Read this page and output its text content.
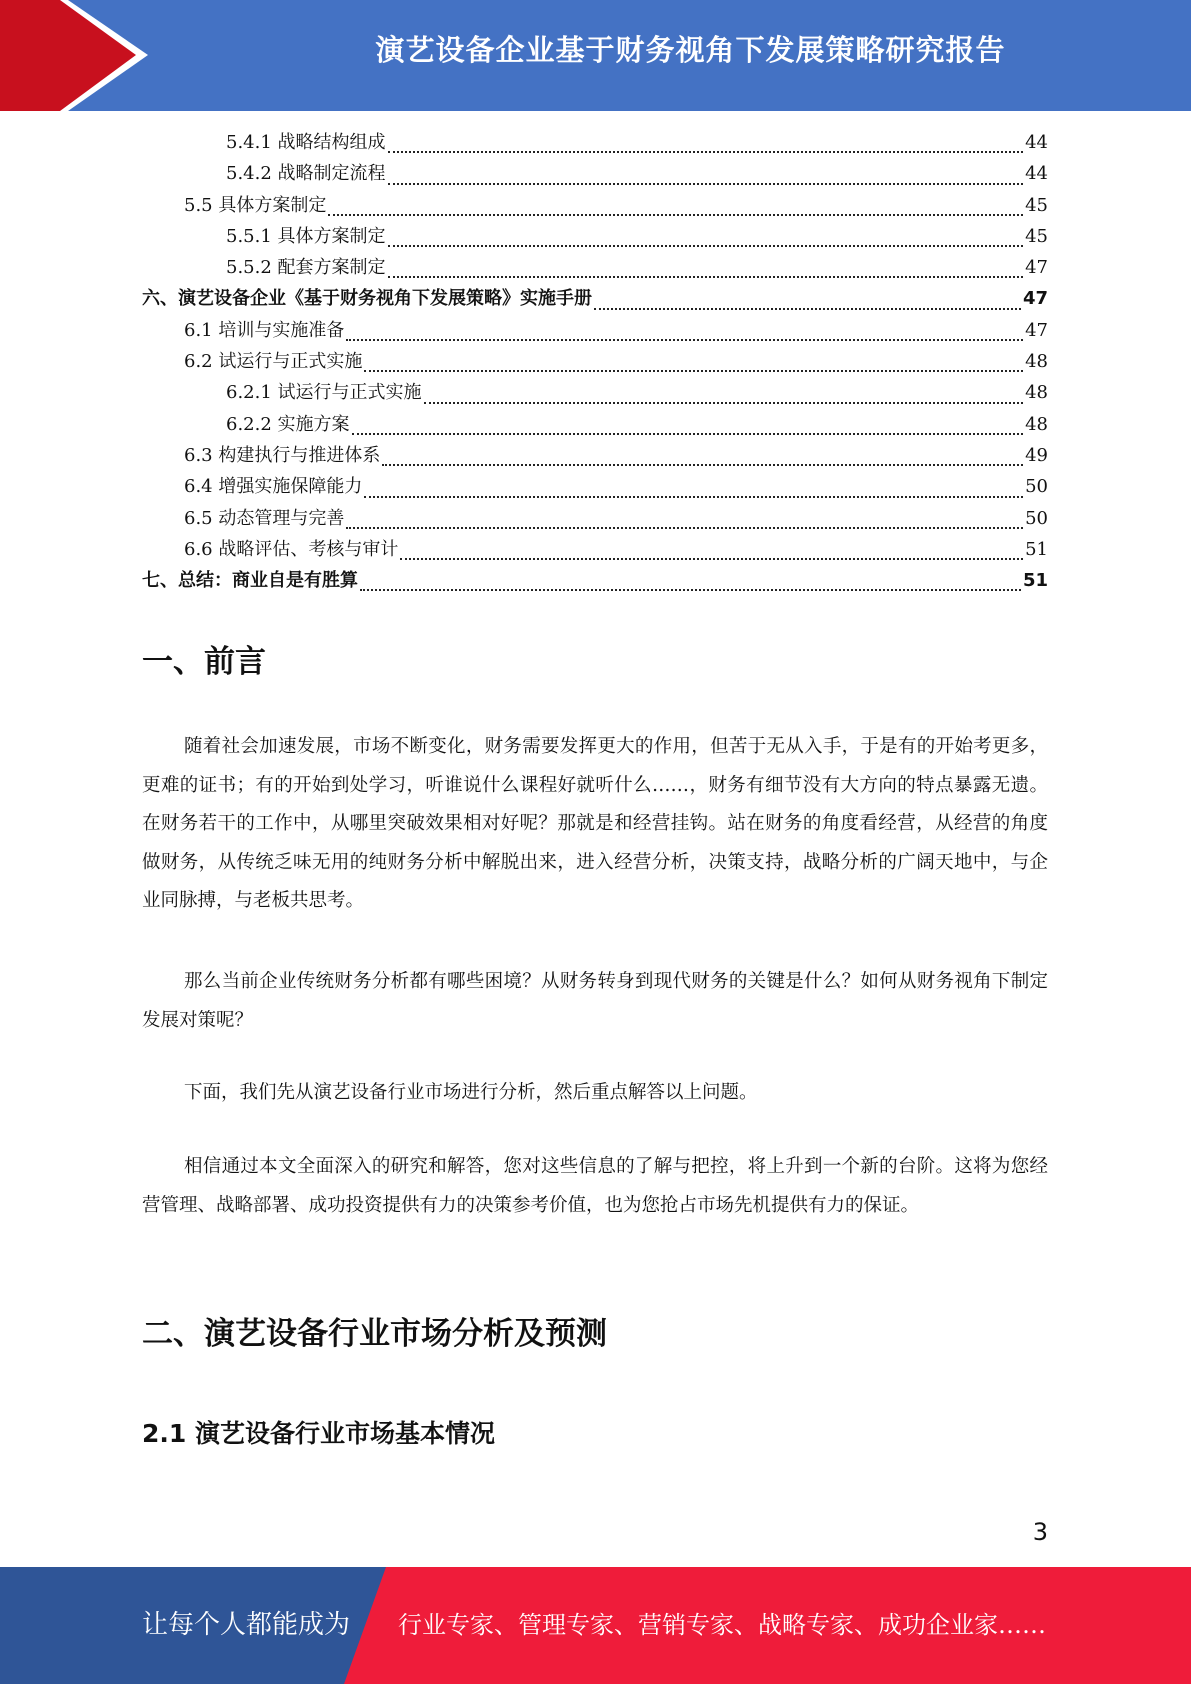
演艺设备企业基于财务视角下发展策略研究报告
5.4.1 战略结构组成	44
5.4.2 战略制定流程	44
5.5 具体方案制定	45
5.5.1 具体方案制定	45
5.5.2 配套方案制定	47
六、演艺设备企业《基于财务视角下发展策略》实施手册	47
6.1 培训与实施准备	47
6.2 试运行与正式实施	48
6.2.1 试运行与正式实施	48
6.2.2 实施方案	48
6.3 构建执行与推进体系	49
6.4 增强实施保障能力	50
6.5 动态管理与完善	50
6.6 战略评估、考核与审计	51
七、总结：商业自是有胜算	51
一、前言

随着社会加速发展，市场不断变化，财务需要发挥更大的作用，但苦于无从入手，于是有的开始考更多，更难的证书；有的开始到处学习，听谁说什么课程好就听什么……，财务有细节没有大方向的特点暴露无遗。在财务若干的工作中，从哪里突破效果相对好呢？那就是和经营挂钩。站在财务的角度看经营，从经营的角度做财务，从传统乏味无用的纯财务分析中解脱出来，进入经营分析，决策支持，战略分析的广阔天地中，与企业同脉搏，与老板共思考。

那么当前企业传统财务分析都有哪些困境？从财务转身到现代财务的关键是什么？如何从财务视角下制定发展对策呢？

下面，我们先从演艺设备行业市场进行分析，然后重点解答以上问题。

相信通过本文全面深入的研究和解答，您对这些信息的了解与把控，将上升到一个新的台阶。这将为您经营管理、战略部署、成功投资提供有力的决策参考价值，也为您抢占市场先机提供有力的保证。

二、演艺设备行业市场分析及预测
2.1 演艺设备行业市场基本情况
3
让每个人都能成为 行业专家、管理专家、营销专家、战略专家、成功企业家……
